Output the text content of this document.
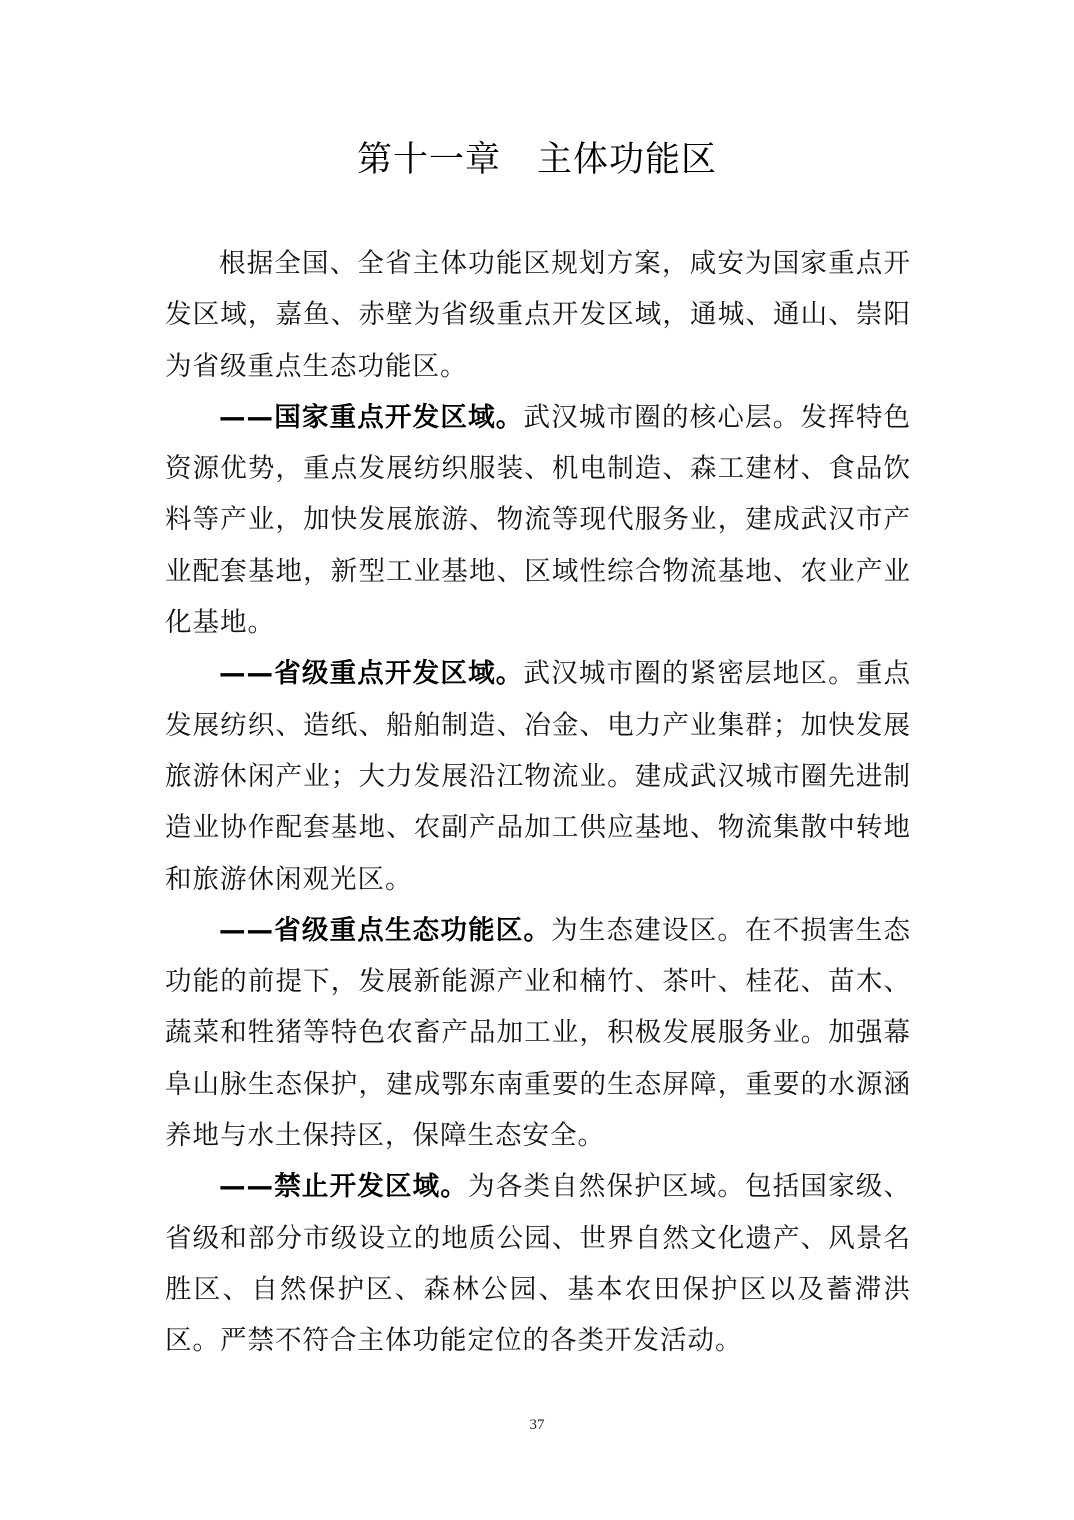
第十一章　主体功能区

根据全国、全省主体功能区规划方案，咸安为国家重点开发区域，嘉鱼、赤壁为省级重点开发区域，通城、通山、崇阳为省级重点生态功能区。

——国家重点开发区域。武汉城市圈的核心层。发挥特色资源优势，重点发展纺织服装、机电制造、森工建材、食品饮料等产业，加快发展旅游、物流等现代服务业，建成武汉市产业配套基地，新型工业基地、区域性综合物流基地、农业产业化基地。

——省级重点开发区域。武汉城市圈的紧密层地区。重点发展纺织、造纸、船舶制造、冶金、电力产业集群；加快发展旅游休闲产业；大力发展沿江物流业。建成武汉城市圈先进制造业协作配套基地、农副产品加工供应基地、物流集散中转地和旅游休闲观光区。

——省级重点生态功能区。为生态建设区。在不损害生态功能的前提下，发展新能源产业和楠竹、茶叶、桂花、苗木、蔬菜和牲猪等特色农畜产品加工业，积极发展服务业。加强幕阜山脉生态保护，建成鄂东南重要的生态屏障，重要的水源涵养地与水土保持区，保障生态安全。

——禁止开发区域。为各类自然保护区域。包括国家级、省级和部分市级设立的地质公园、世界自然文化遗产、风景名胜区、自然保护区、森林公园、基本农田保护区以及蓄滞洪区。严禁不符合主体功能定位的各类开发活动。

37
